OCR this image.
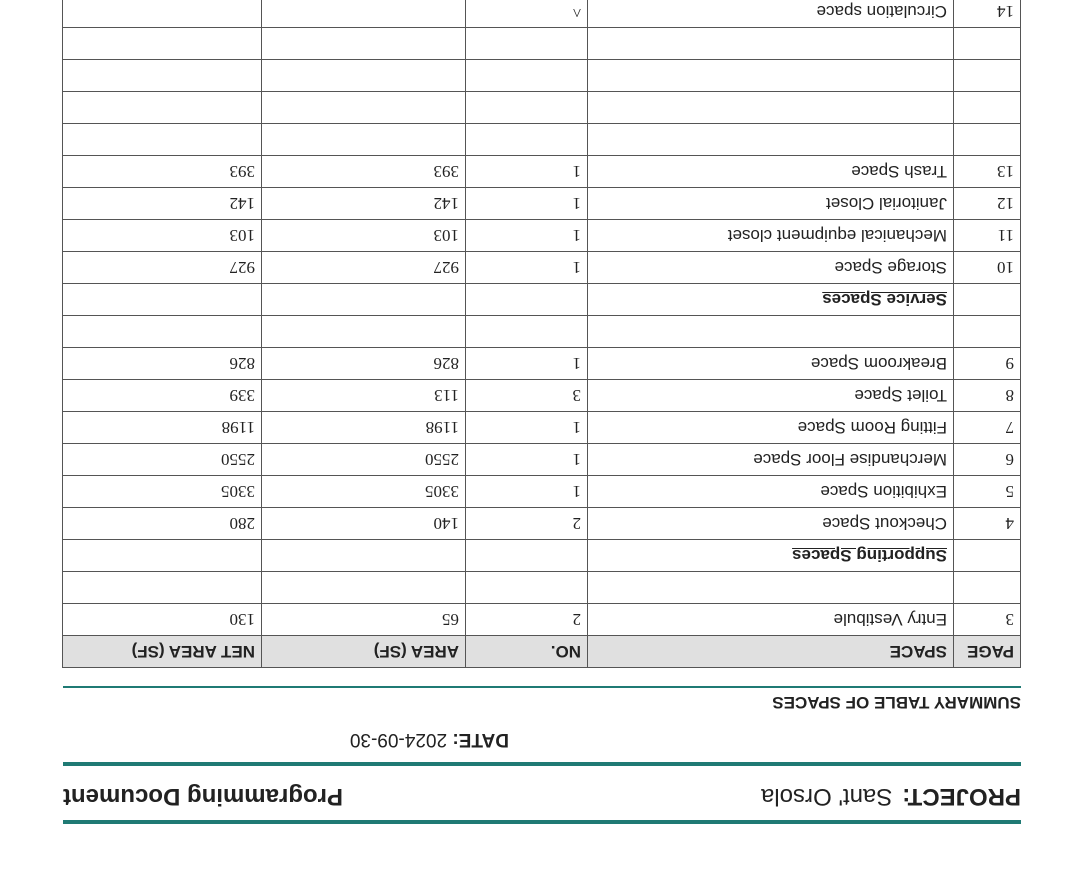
PROJECT:Sant' Orsola
Programming Document
DATE: 2024-09-30
SUMMARY TABLE OF SPACES
PAGE	SPACE	NO.	AREA (SF)	NET AREA (SF)
3	Entry Vestibule	2	65	130

	Supporting Spaces			
4	Checkout Space	2	140	280
5	Exhibition Space	1	3305	3305
6	Merchandise Floor Space	1	2550	2550
7	Fitting Room Space	1	1198	1198
8	Toilet Space	3	113	339
9	Breakroom Space	1	826	826

	Service Spaces			
10	Storage Space	1	927	927
11	Mechanical equipment closet	1	103	103
12	Janitorial Closet	1	142	142
13	Trash Space	1	393	393

14	Circulation space	^		
